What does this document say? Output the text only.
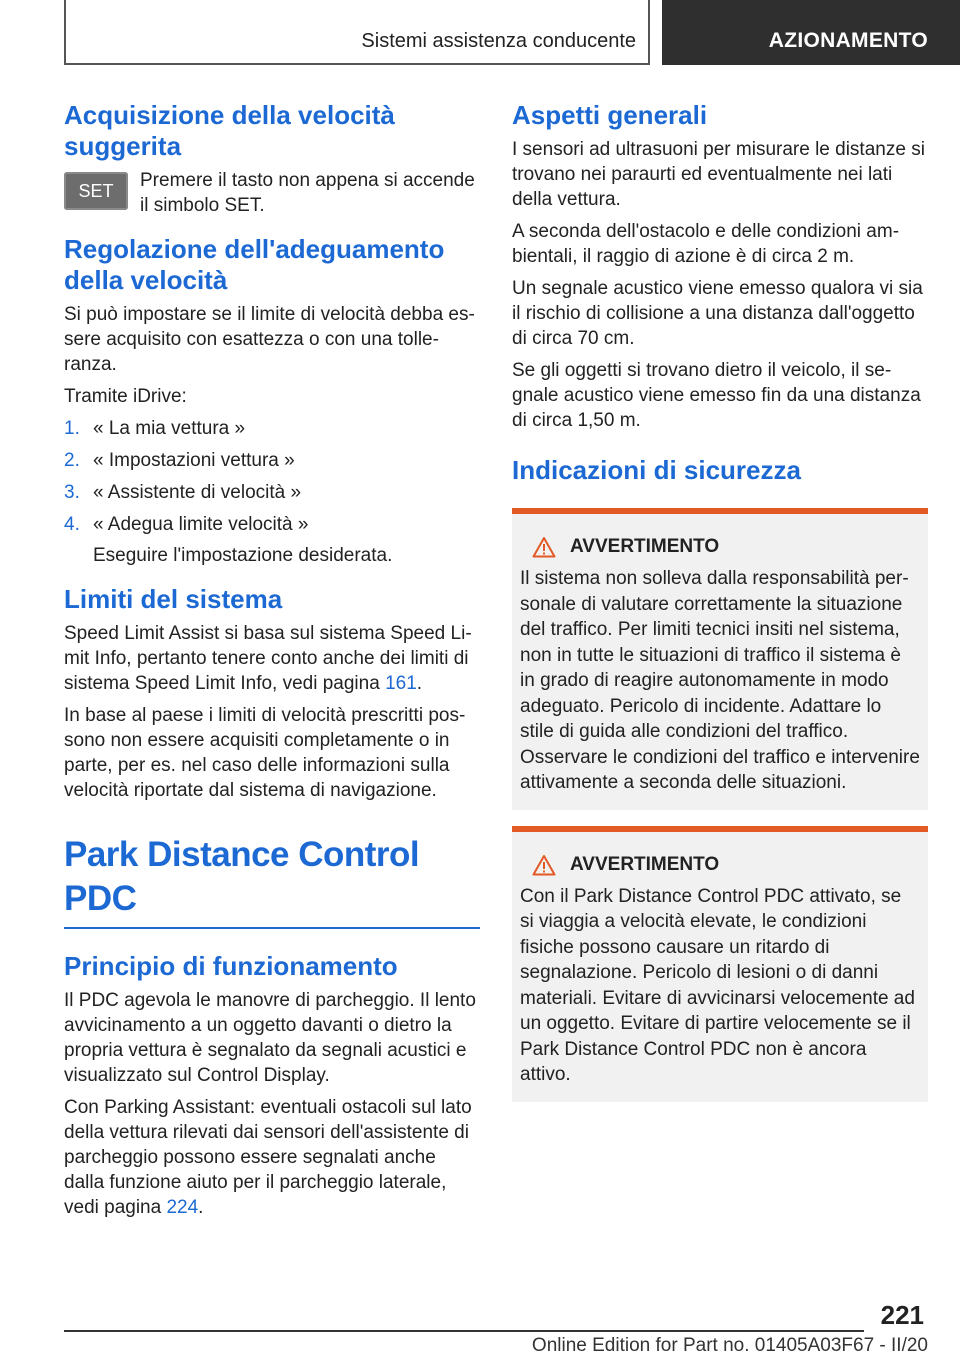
Sistemi assistenza conducente	AZIONAMENTO
Acquisizione della velocità suggerita
SET	Premere il tasto non appena si accende il simbolo SET.
Regolazione dell'adeguamento della velocità

Si può impostare se il limite di velocità debba essere acquisito con esattezza o con una tolleranza.

Tramite iDrive:

1. « La mia vettura »
2. « Impostazioni vettura »
3. « Assistente di velocità »
4. « Adegua limite velocità »
Eseguire l'impostazione desiderata.
Limiti del sistema

Speed Limit Assist si basa sul sistema Speed Limit Info, pertanto tenere conto anche dei limiti di sistema Speed Limit Info, vedi pagina 161.

In base al paese i limiti di velocità prescritti possono non essere acquisiti completamente o in parte, per es. nel caso delle informazioni sulla velocità riportate dal sistema di navigazione.

Park Distance Control PDC
Principio di funzionamento

Il PDC agevola le manovre di parcheggio. Il lento avvicinamento a un oggetto davanti o dietro la propria vettura è segnalato da segnali acustici e visualizzato sul Control Display.

Con Parking Assistant: eventuali ostacoli sul lato della vettura rilevati dai sensori dell'assistente di parcheggio possono essere segnalati anche dalla funzione aiuto per il parcheggio laterale, vedi pagina 224.

Aspetti generali

I sensori ad ultrasuoni per misurare le distanze si trovano nei paraurti ed eventualmente nei lati della vettura.

A seconda dell'ostacolo e delle condizioni ambientali, il raggio di azione è di circa 2 m.

Un segnale acustico viene emesso qualora vi sia il rischio di collisione a una distanza dall'oggetto di circa 70 cm.

Se gli oggetti si trovano dietro il veicolo, il segnale acustico viene emesso fin da una distanza di circa 1,50 m.

Indicazioni di sicurezza
AVVERTIMENTO

Il sistema non solleva dalla responsabilità personale di valutare correttamente la situazione del traffico. Per limiti tecnici insiti nel sistema, non in tutte le situazioni di traffico il sistema è in grado di reagire autonomamente in modo adeguato. Pericolo di incidente. Adattare lo stile di guida alle condizioni del traffico. Osservare le condizioni del traffico e intervenire attivamente a seconda delle situazioni.

AVVERTIMENTO

Con il Park Distance Control PDC attivato, se si viaggia a velocità elevate, le condizioni fisiche possono causare un ritardo di segnalazione. Pericolo di lesioni o di danni materiali. Evitare di avvicinarsi velocemente ad un oggetto. Evitare di partire velocemente se il Park Distance Control PDC non è ancora attivo.

221
Online Edition for Part no. 01405A03F67 - II/20
